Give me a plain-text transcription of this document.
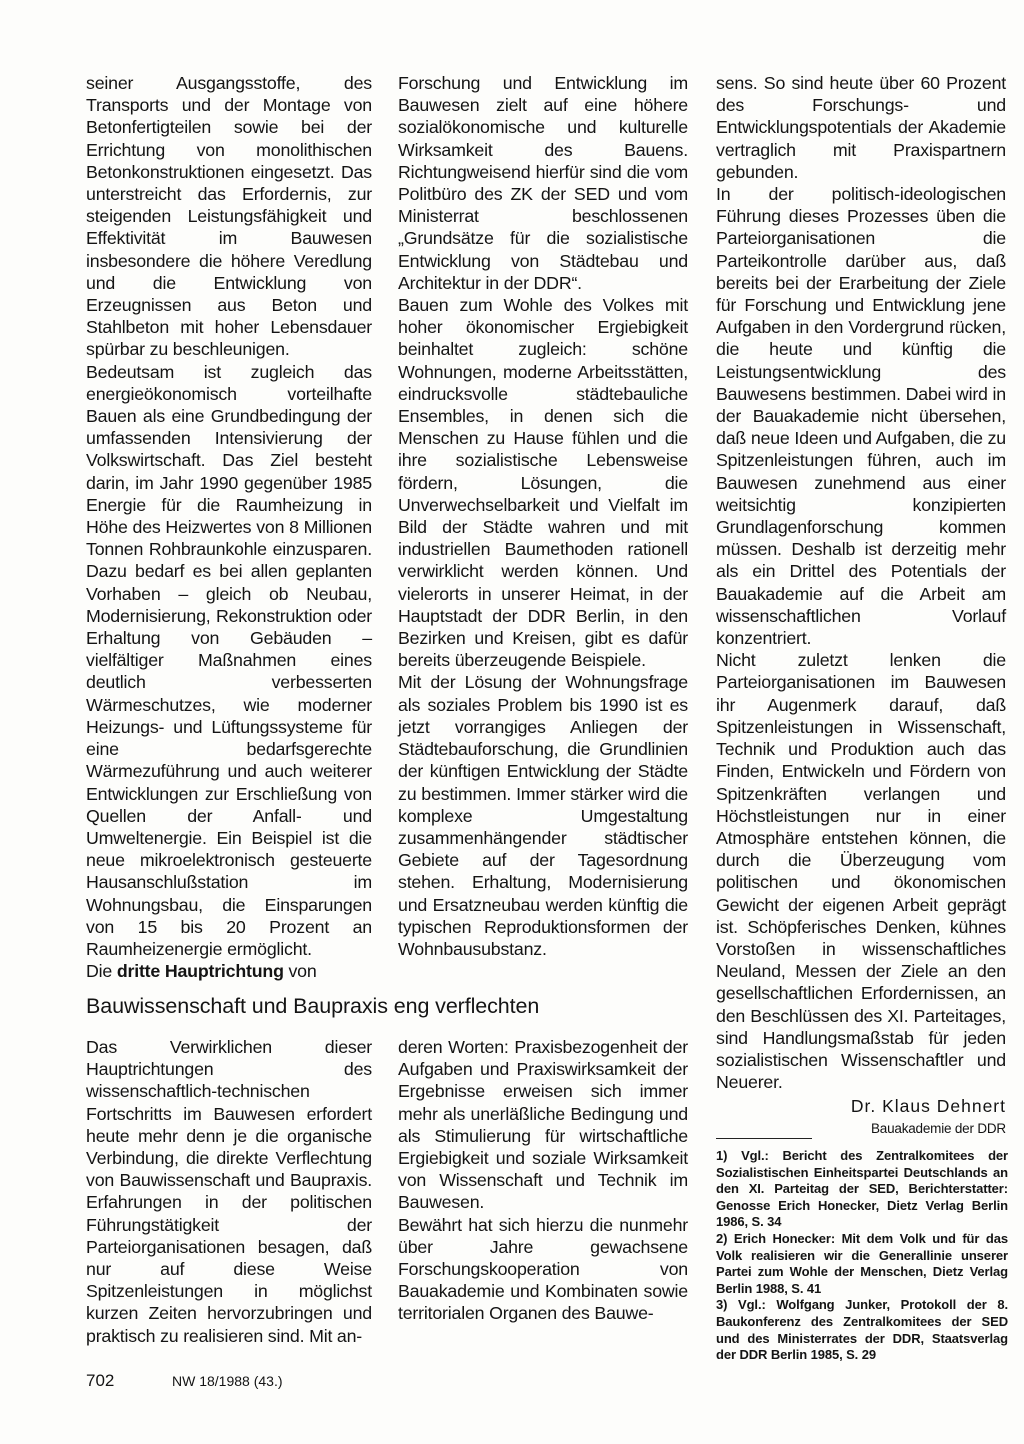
seiner Ausgangsstoffe, des Transports und der Montage von Betonfertigteilen sowie bei der Errichtung von monolithischen Betonkonstruktionen eingesetzt. Das unterstreicht das Erfordernis, zur steigenden Leistungsfähigkeit und Effektivität im Bauwesen insbesondere die höhere Veredlung und die Entwicklung von Erzeugnissen aus Beton und Stahlbeton mit hoher Lebensdauer spürbar zu beschleunigen.

Bedeutsam ist zugleich das energieökonomisch vorteilhafte Bauen als eine Grundbedingung der umfassenden Intensivierung der Volkswirtschaft. Das Ziel besteht darin, im Jahr 1990 gegenüber 1985 Energie für die Raumheizung in Höhe des Heizwertes von 8 Millionen Tonnen Rohbraunkohle einzusparen. Dazu bedarf es bei allen geplanten Vorhaben – gleich ob Neubau, Modernisierung, Rekonstruktion oder Erhaltung von Gebäuden – vielfältiger Maßnahmen eines deutlich verbesserten Wärmeschutzes, wie moderner Heizungs- und Lüftungssysteme für eine bedarfsgerechte Wärmezuführung und auch weiterer Entwicklungen zur Erschließung von Quellen der Anfall- und Umweltenergie. Ein Beispiel ist die neue mikroelektronisch gesteuerte Hausanschlußstation im Wohnungsbau, die Einsparungen von 15 bis 20 Prozent an Raumheizenergie ermöglicht.

Die dritte Hauptrichtung von

Forschung und Entwicklung im Bauwesen zielt auf eine höhere sozialökonomische und kulturelle Wirksamkeit des Bauens. Richtungweisend hierfür sind die vom Politbüro des ZK der SED und vom Ministerrat beschlossenen „Grundsätze für die sozialistische Entwicklung von Städtebau und Architektur in der DDR“.

Bauen zum Wohle des Volkes mit hoher ökonomischer Ergiebigkeit beinhaltet zugleich: schöne Wohnungen, moderne Arbeitsstätten, eindrucksvolle städtebauliche Ensembles, in denen sich die Menschen zu Hause fühlen und die ihre sozialistische Lebensweise fördern, Lösungen, die Unverwechselbarkeit und Vielfalt im Bild der Städte wahren und mit industriellen Baumethoden rationell verwirklicht werden können. Und vielerorts in unserer Heimat, in der Hauptstadt der DDR Berlin, in den Bezirken und Kreisen, gibt es dafür bereits überzeugende Beispiele.

Mit der Lösung der Wohnungsfrage als soziales Problem bis 1990 ist es jetzt vorrangiges Anliegen der Städtebauforschung, die Grundlinien der künftigen Entwicklung der Städte zu bestimmen. Immer stärker wird die komplexe Umgestaltung zusammenhängender städtischer Gebiete auf der Tagesordnung stehen. Erhaltung, Modernisierung und Ersatzneubau werden künftig die typischen Reproduktionsformen der Wohnbausubstanz.

sens. So sind heute über 60 Prozent des Forschungs- und Entwicklungspotentials der Akademie vertraglich mit Praxispartnern gebunden.

In der politisch-ideologischen Führung dieses Prozesses üben die Parteiorganisationen die Parteikontrolle darüber aus, daß bereits bei der Erarbeitung der Ziele für Forschung und Entwicklung jene Aufgaben in den Vordergrund rücken, die heute und künftig die Leistungsentwicklung des Bauwesens bestimmen. Dabei wird in der Bauakademie nicht übersehen, daß neue Ideen und Aufgaben, die zu Spitzenleistungen führen, auch im Bauwesen zunehmend aus einer weitsichtig konzipierten Grundlagenforschung kommen müssen. Deshalb ist derzeitig mehr als ein Drittel des Potentials der Bauakademie auf die Arbeit am wissenschaftlichen Vorlauf konzentriert.

Nicht zuletzt lenken die Parteiorganisationen im Bauwesen ihr Augenmerk darauf, daß Spitzenleistungen in Wissenschaft, Technik und Produktion auch das Finden, Entwickeln und Fördern von Spitzenkräften verlangen und Höchstleistungen nur in einer Atmosphäre entstehen können, die durch die Überzeugung vom politischen und ökonomischen Gewicht der eigenen Arbeit geprägt ist. Schöpferisches Denken, kühnes Vorstoßen in wissenschaftliches Neuland, Messen der Ziele an den gesellschaftlichen Erfordernissen, an den Beschlüssen des XI. Parteitages, sind Handlungsmaßstab für jeden sozialistischen Wissenschaftler und Neuerer.

Dr. Klaus Dehnert

Bauakademie der DDR

Bauwissenschaft und Baupraxis eng verflechten

Das Verwirklichen dieser Hauptrichtungen des wissenschaftlich-technischen Fortschritts im Bauwesen erfordert heute mehr denn je die organische Verbindung, die direkte Verflechtung von Bauwissenschaft und Baupraxis. Erfahrungen in der politischen Führungstätigkeit der Parteiorganisationen besagen, daß nur auf diese Weise Spitzenleistungen in möglichst kurzen Zeiten hervorzubringen und praktisch zu realisieren sind. Mit an-

deren Worten: Praxisbezogenheit der Aufgaben und Praxiswirksamkeit der Ergebnisse erweisen sich immer mehr als unerläßliche Bedingung und als Stimulierung für wirtschaftliche Ergiebigkeit und soziale Wirksamkeit von Wissenschaft und Technik im Bauwesen.

Bewährt hat sich hierzu die nunmehr über Jahre gewachsene Forschungskooperation von Bauakademie und Kombinaten sowie territorialen Organen des Bauwe-

1) Vgl.: Bericht des Zentralkomitees der Sozialistischen Einheitspartei Deutschlands an den XI. Parteitag der SED, Berichterstatter: Genosse Erich Honecker, Dietz Verlag Berlin 1986, S. 34

2) Erich Honecker: Mit dem Volk und für das Volk realisieren wir die Generallinie unserer Partei zum Wohle der Menschen, Dietz Verlag Berlin 1988, S. 41

3) Vgl.: Wolfgang Junker, Protokoll der 8. Baukonferenz des Zentralkomitees der SED und des Ministerrates der DDR, Staatsverlag der DDR Berlin 1985, S. 29

702	NW 18/1988 (43.)
